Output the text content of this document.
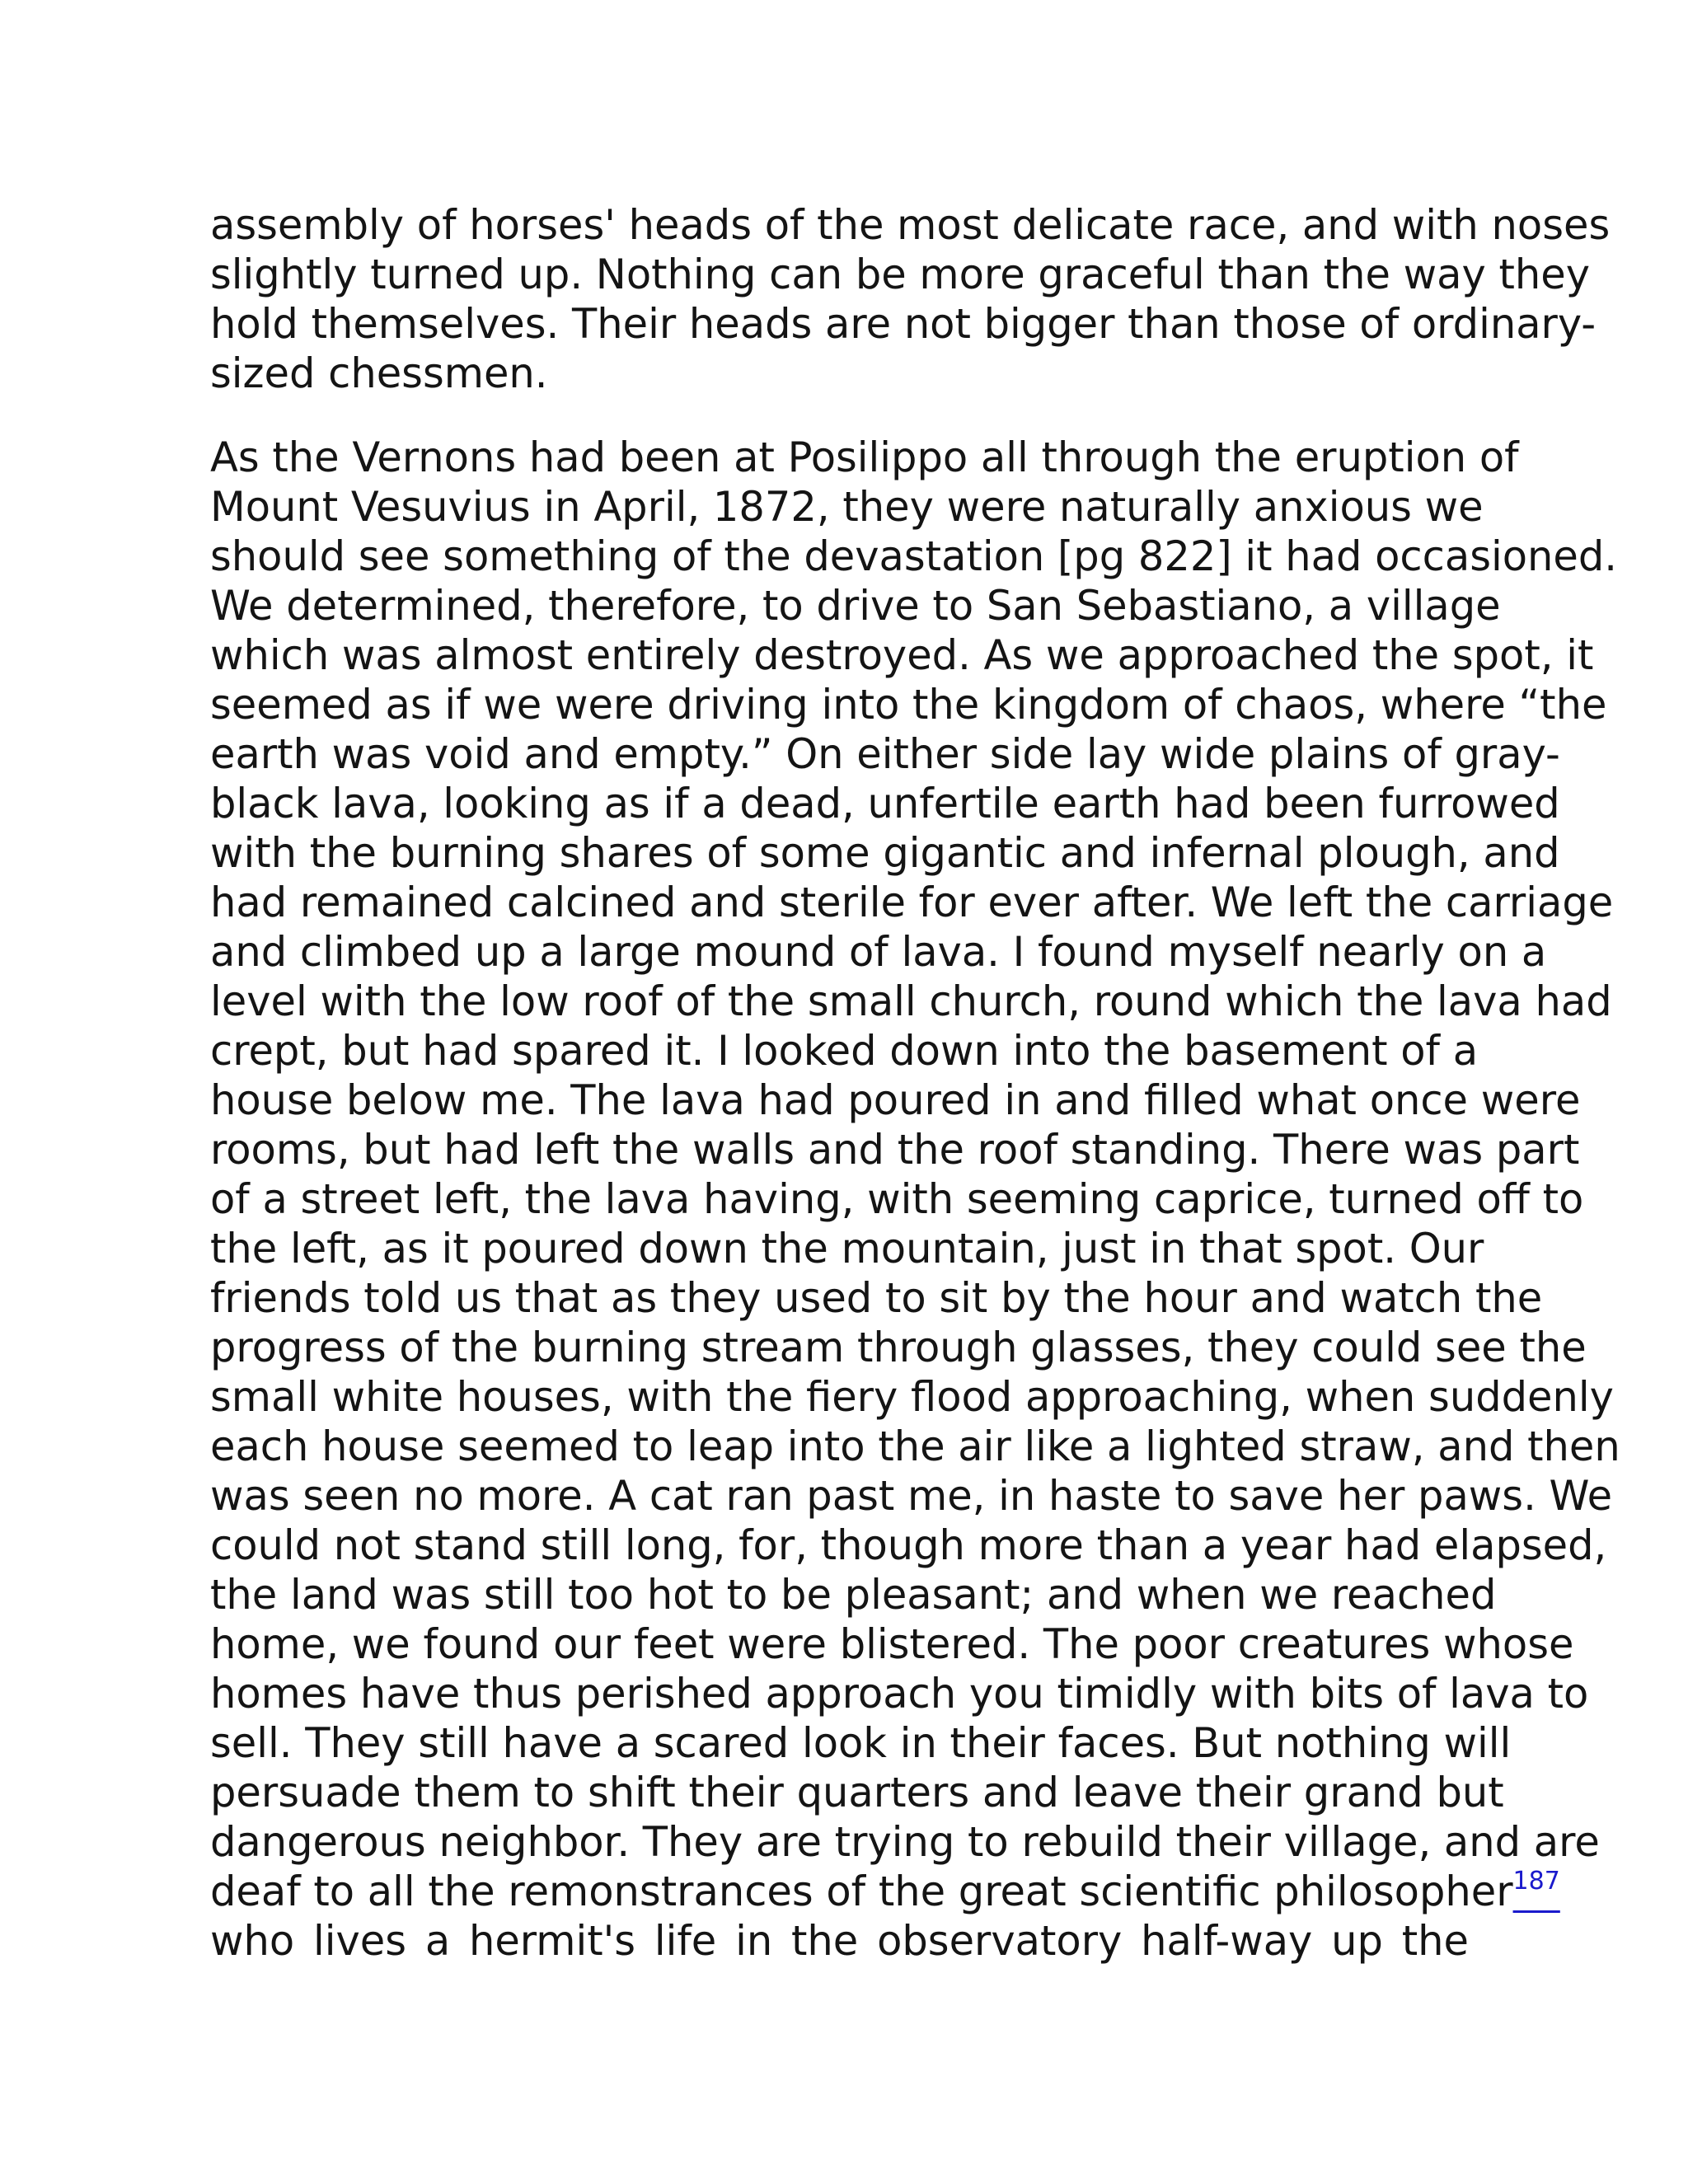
assembly of horses' heads of the most delicate race, and with noses
slightly turned up. Nothing can be more graceful than the way they
hold themselves. Their heads are not bigger than those of ordinary-
sized chessmen.
As the Vernons had been at Posilippo all through the eruption of
Mount Vesuvius in April, 1872, they were naturally anxious we
should see something of the devastation [pg 822] it had occasioned.
We determined, therefore, to drive to San Sebastiano, a village
which was almost entirely destroyed. As we approached the spot, it
seemed as if we were driving into the kingdom of chaos, where “the
earth was void and empty.” On either side lay wide plains of gray-
black lava, looking as if a dead, unfertile earth had been furrowed
with the burning shares of some gigantic and infernal plough, and
had remained calcined and sterile for ever after. We left the carriage
and climbed up a large mound of lava. I found myself nearly on a
level with the low roof of the small church, round which the lava had
crept, but had spared it. I looked down into the basement of a
house below me. The lava had poured in and filled what once were
rooms, but had left the walls and the roof standing. There was part
of a street left, the lava having, with seeming caprice, turned off to
the left, as it poured down the mountain, just in that spot. Our
friends told us that as they used to sit by the hour and watch the
progress of the burning stream through glasses, they could see the
small white houses, with the fiery flood approaching, when suddenly
each house seemed to leap into the air like a lighted straw, and then
was seen no more. A cat ran past me, in haste to save her paws. We
could not stand still long, for, though more than a year had elapsed,
the land was still too hot to be pleasant; and when we reached
home, we found our feet were blistered. The poor creatures whose
homes have thus perished approach you timidly with bits of lava to
sell. They still have a scared look in their faces. But nothing will
persuade them to shift their quarters and leave their grand but
dangerous neighbor. They are trying to rebuild their village, and are
deaf to all the remonstrances of the great scientific philosopher$^{187}$
who lives a hermit's life in the observatory half-way up the
